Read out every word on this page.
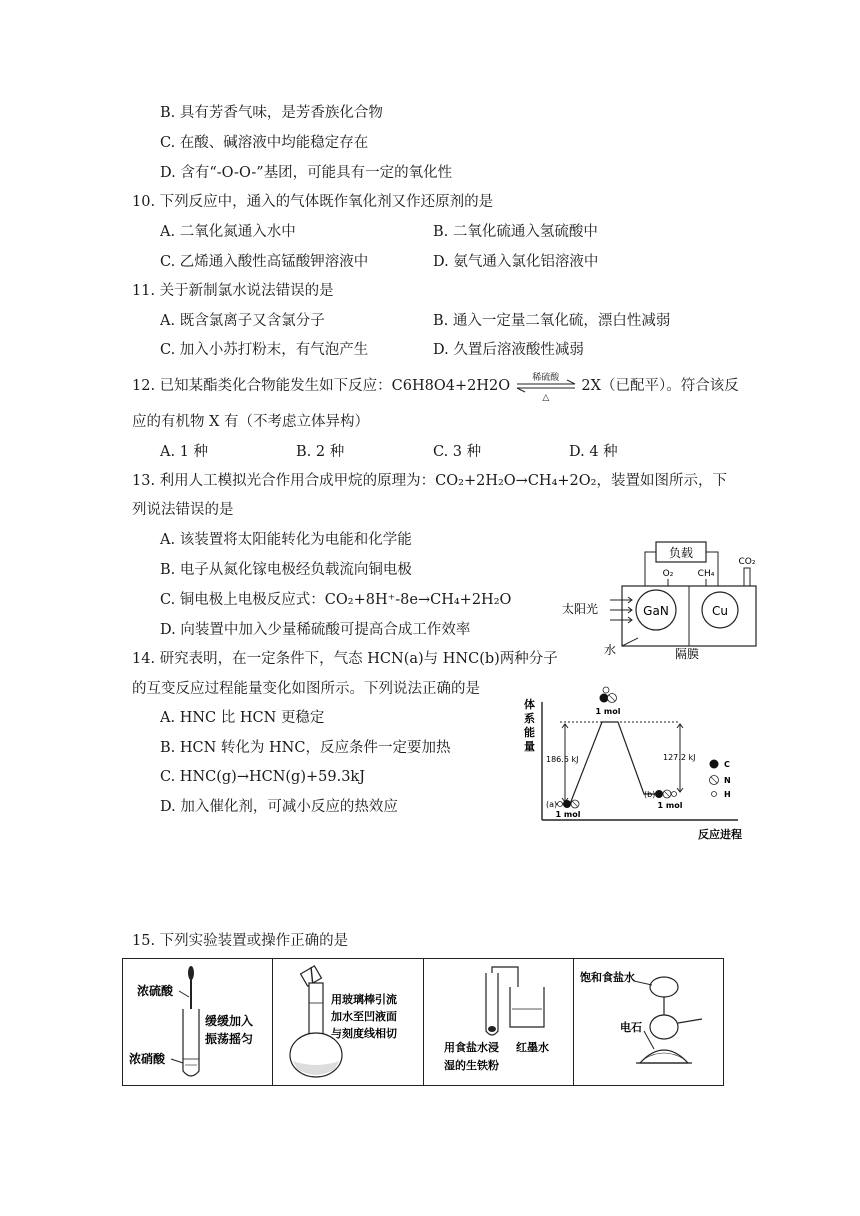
B. 具有芳香气味，是芳香族化合物
C. 在酸、碱溶液中均能稳定存在
D. 含有“-O-O-”基团，可能具有一定的氧化性
10. 下列反应中，通入的气体既作氧化剂又作还原剂的是
A. 二氧化氮通入水中	B. 二氧化硫通入氢硫酸中
C. 乙烯通入酸性高锰酸钾溶液中	D. 氨气通入氯化铝溶液中
11. 关于新制氯水说法错误的是
A. 既含氯离子又含氯分子	B. 通入一定量二氧化硫，漂白性减弱
C. 加入小苏打粉末，有气泡产生	D. 久置后溶液酸性减弱
12. 已知某酯类化合物能发生如下反应：C6H8O4+2H2O	稀硫酸
△
2X（已配平）。符合该反
应的有机物 X 有（不考虑立体异构）
A. 1 种	B. 2 种	C. 3 种	D. 4 种
13. 利用人工模拟光合作用合成甲烷的原理为：CO₂+2H₂O→CH₄+2O₂，装置如图所示，下
列说法错误的是
A. 该装置将太阳能转化为电能和化学能
B. 电子从氮化镓电极经负载流向铜电极
C. 铜电极上电极反应式：CO₂+8H⁺-8e→CH₄+2H₂O
D. 向装置中加入少量稀硫酸可提高合成工作效率
负载
O₂	CH₄
CO₂
GaN	Cu
太阳光
水	隔膜
14. 研究表明，在一定条件下，气态 HCN(a)与 HNC(b)两种分子
的互变反应过程能量变化如图所示。下列说法正确的是
A. HNC 比 HCN 更稳定
B. HCN 转化为 HNC，反应条件一定要加热
C. HNC(g)→HCN(g)+59.3kJ
D. 加入催化剂，可减小反应的热效应
体 系 能 量
反应进程
186.5 kJ	127.2 kJ
1 mol
(a)
1 mol
(b)
1 mol
C
N
H
15. 下列实验装置或操作正确的是
浓硫酸
缓缓加入
振荡摇匀
浓硝酸
用玻璃棒引流
加水至凹液面
与刻度线相切
用食盐水浸
湿的生铁粉
红墨水
饱和食盐水
电石
